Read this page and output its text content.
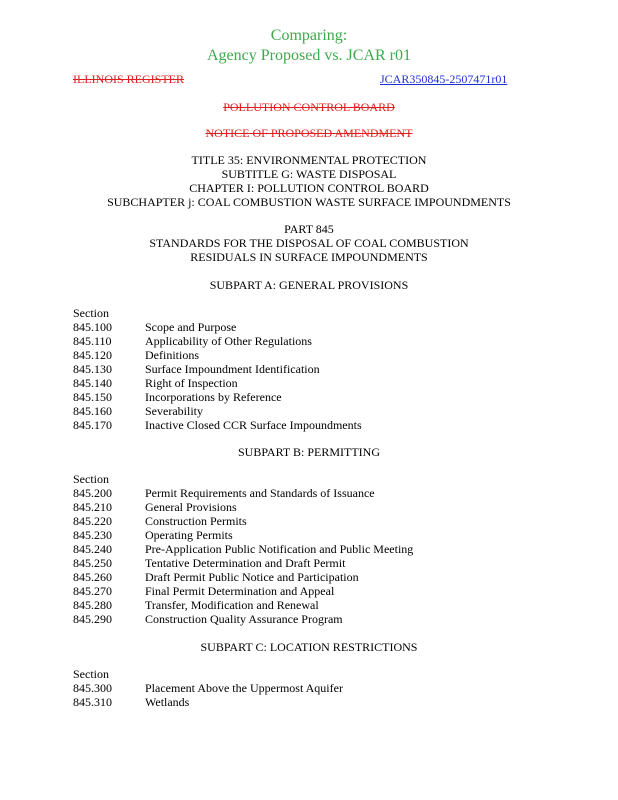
Comparing:
Agency Proposed vs. JCAR r01
ILLINOIS REGISTER	JCAR350845-2507471r01
POLLUTION CONTROL BOARD
NOTICE OF PROPOSED AMENDMENT
TITLE 35: ENVIRONMENTAL PROTECTION
SUBTITLE G: WASTE DISPOSAL
CHAPTER I: POLLUTION CONTROL BOARD
SUBCHAPTER j: COAL COMBUSTION WASTE SURFACE IMPOUNDMENTS
PART 845
STANDARDS FOR THE DISPOSAL OF COAL COMBUSTION
RESIDUALS IN SURFACE IMPOUNDMENTS
SUBPART A: GENERAL PROVISIONS
Section
845.100	Scope and Purpose
845.110	Applicability of Other Regulations
845.120	Definitions
845.130	Surface Impoundment Identification
845.140	Right of Inspection
845.150	Incorporations by Reference
845.160	Severability
845.170	Inactive Closed CCR Surface Impoundments
SUBPART B: PERMITTING
Section
845.200	Permit Requirements and Standards of Issuance
845.210	General Provisions
845.220	Construction Permits
845.230	Operating Permits
845.240	Pre-Application Public Notification and Public Meeting
845.250	Tentative Determination and Draft Permit
845.260	Draft Permit Public Notice and Participation
845.270	Final Permit Determination and Appeal
845.280	Transfer, Modification and Renewal
845.290	Construction Quality Assurance Program
SUBPART C: LOCATION RESTRICTIONS
Section
845.300	Placement Above the Uppermost Aquifer
845.310	Wetlands
